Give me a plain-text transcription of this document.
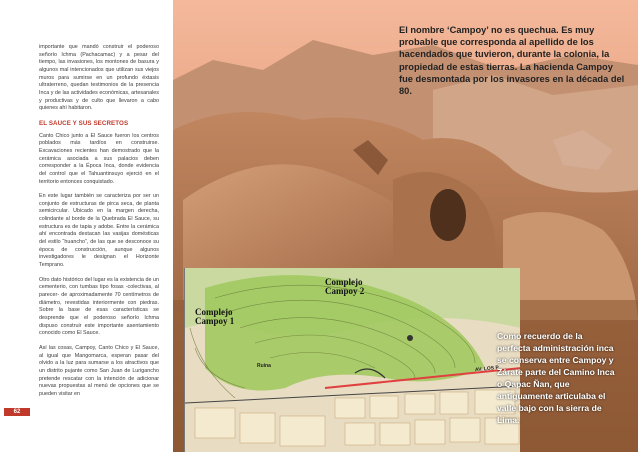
importante que mandó construir el poderoso señorío Ichma (Pachacamac) y a pesar del tiempo, las invasiones, los montones de basura y algunos mal intencionados que utilizan sus viejos muros para sumirse en un profundo éxtasis ultraterreno, quedan testimonios de la presencia Inca y de las actividades económicas, artesanales y productivas y de culto que llevaron a cabo quienes ahí habitaron.

EL SAUCE Y SUS SECRETOS

Canto Chico junto a El Sauce fueron los centros poblados más tardíos en construirse. Excavaciones recientes han demostrado que la cerámica asociada a sus palacios deben corresponder a la Época Inca, donde evidencia del control que el Tahuantinsuyo ejerció en el territorio entonces conquistado.

En este lugar también se caracteriza por ser un conjunto de estructuras de pirca seca, de planta semicircular. Ubicado en la margen derecha, colindante al borde de la Quebrada El Sauce, su estructura es de tapia y adobe. Entre la cerámica ahí encontrada destacan las vasijas domésticas del estilo “huancho”, de las que se desconoce su época de construcción, aunque algunos investigadores le designan el Horizonte Temprano.

Otro dato histórico del lugar es la existencia de un cementerio, con tumbas tipo fosas -colectivas, al parecer- de aproximadamente 70 centímetros de diámetro, revestidas interiormente con piedras. Sobre la base de esas características se desprende que el poderoso señorío Ichma dispuso construir este importante asentamiento conocido como El Sauce.

Así las cosas, Campoy, Canto Chico y El Sauce, al igual que Mangomarca, esperan pasar del olvido a la luz para sumarse a los atractivos que un distrito pujante como San Juan de Lurigancho pretende rescatar con la intención de adicionar nuevas propuestas al menú de opciones que se pueden visitar en

62
El nombre ‘Campoy’ no es quechua. Es muy probable que corresponda al apellido de los hacendados que tuvieron, durante la colonia, la propiedad de estas tierras. La hacienda Campoy fue desmontada por los invasores en la década del 80.
Complejo Campoy 1
Complejo Campoy 2
Ruina	AV. LOS P
Como recuerdo de la perfecta administración inca se conserva entre Campoy y Zárate parte del Camino Inca o Qapac Ñan, que antiguamente articulaba el valle bajo con la sierra de Lima.
